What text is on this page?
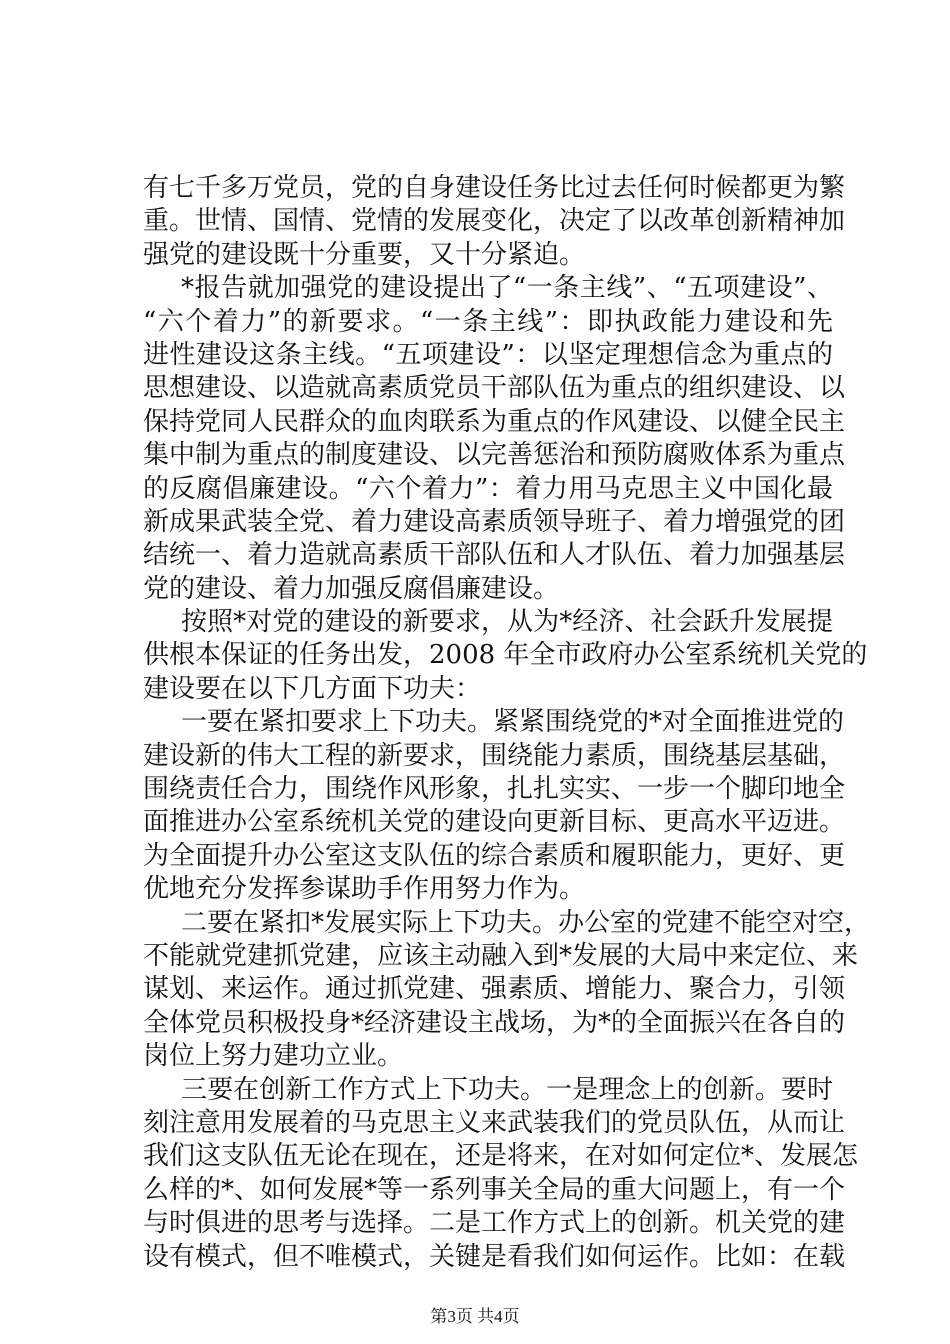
有七千多万党员，党的自身建设任务比过去任何时候都更为繁
重。世情、国情、党情的发展变化，决定了以改革创新精神加
强党的建设既十分重要，又十分紧迫。
*报告就加强党的建设提出了“一条主线”、“五项建设”、
“六个着力”的新要求。“一条主线”：即执政能力建设和先
进性建设这条主线。“五项建设”：以坚定理想信念为重点的
思想建设、以造就高素质党员干部队伍为重点的组织建设、以
保持党同人民群众的血肉联系为重点的作风建设、以健全民主
集中制为重点的制度建设、以完善惩治和预防腐败体系为重点
的反腐倡廉建设。“六个着力”：着力用马克思主义中国化最
新成果武装全党、着力建设高素质领导班子、着力增强党的团
结统一、着力造就高素质干部队伍和人才队伍、着力加强基层
党的建设、着力加强反腐倡廉建设。
按照*对党的建设的新要求，从为*经济、社会跃升发展提
供根本保证的任务出发，2008 年全市政府办公室系统机关党的
建设要在以下几方面下功夫：
一要在紧扣要求上下功夫。紧紧围绕党的*对全面推进党的
建设新的伟大工程的新要求，围绕能力素质，围绕基层基础，
围绕责任合力，围绕作风形象，扎扎实实、一步一个脚印地全
面推进办公室系统机关党的建设向更新目标、更高水平迈进。
为全面提升办公室这支队伍的综合素质和履职能力，更好、更
优地充分发挥参谋助手作用努力作为。
二要在紧扣*发展实际上下功夫。办公室的党建不能空对空，
不能就党建抓党建，应该主动融入到*发展的大局中来定位、来
谋划、来运作。通过抓党建、强素质、增能力、聚合力，引领
全体党员积极投身*经济建设主战场，为*的全面振兴在各自的
岗位上努力建功立业。
三要在创新工作方式上下功夫。一是理念上的创新。要时
刻注意用发展着的马克思主义来武装我们的党员队伍，从而让
我们这支队伍无论在现在，还是将来，在对如何定位*、发展怎
么样的*、如何发展*等一系列事关全局的重大问题上，有一个
与时俱进的思考与选择。二是工作方式上的创新。机关党的建
设有模式，但不唯模式，关键是看我们如何运作。比如：在载
第3页 共4页
